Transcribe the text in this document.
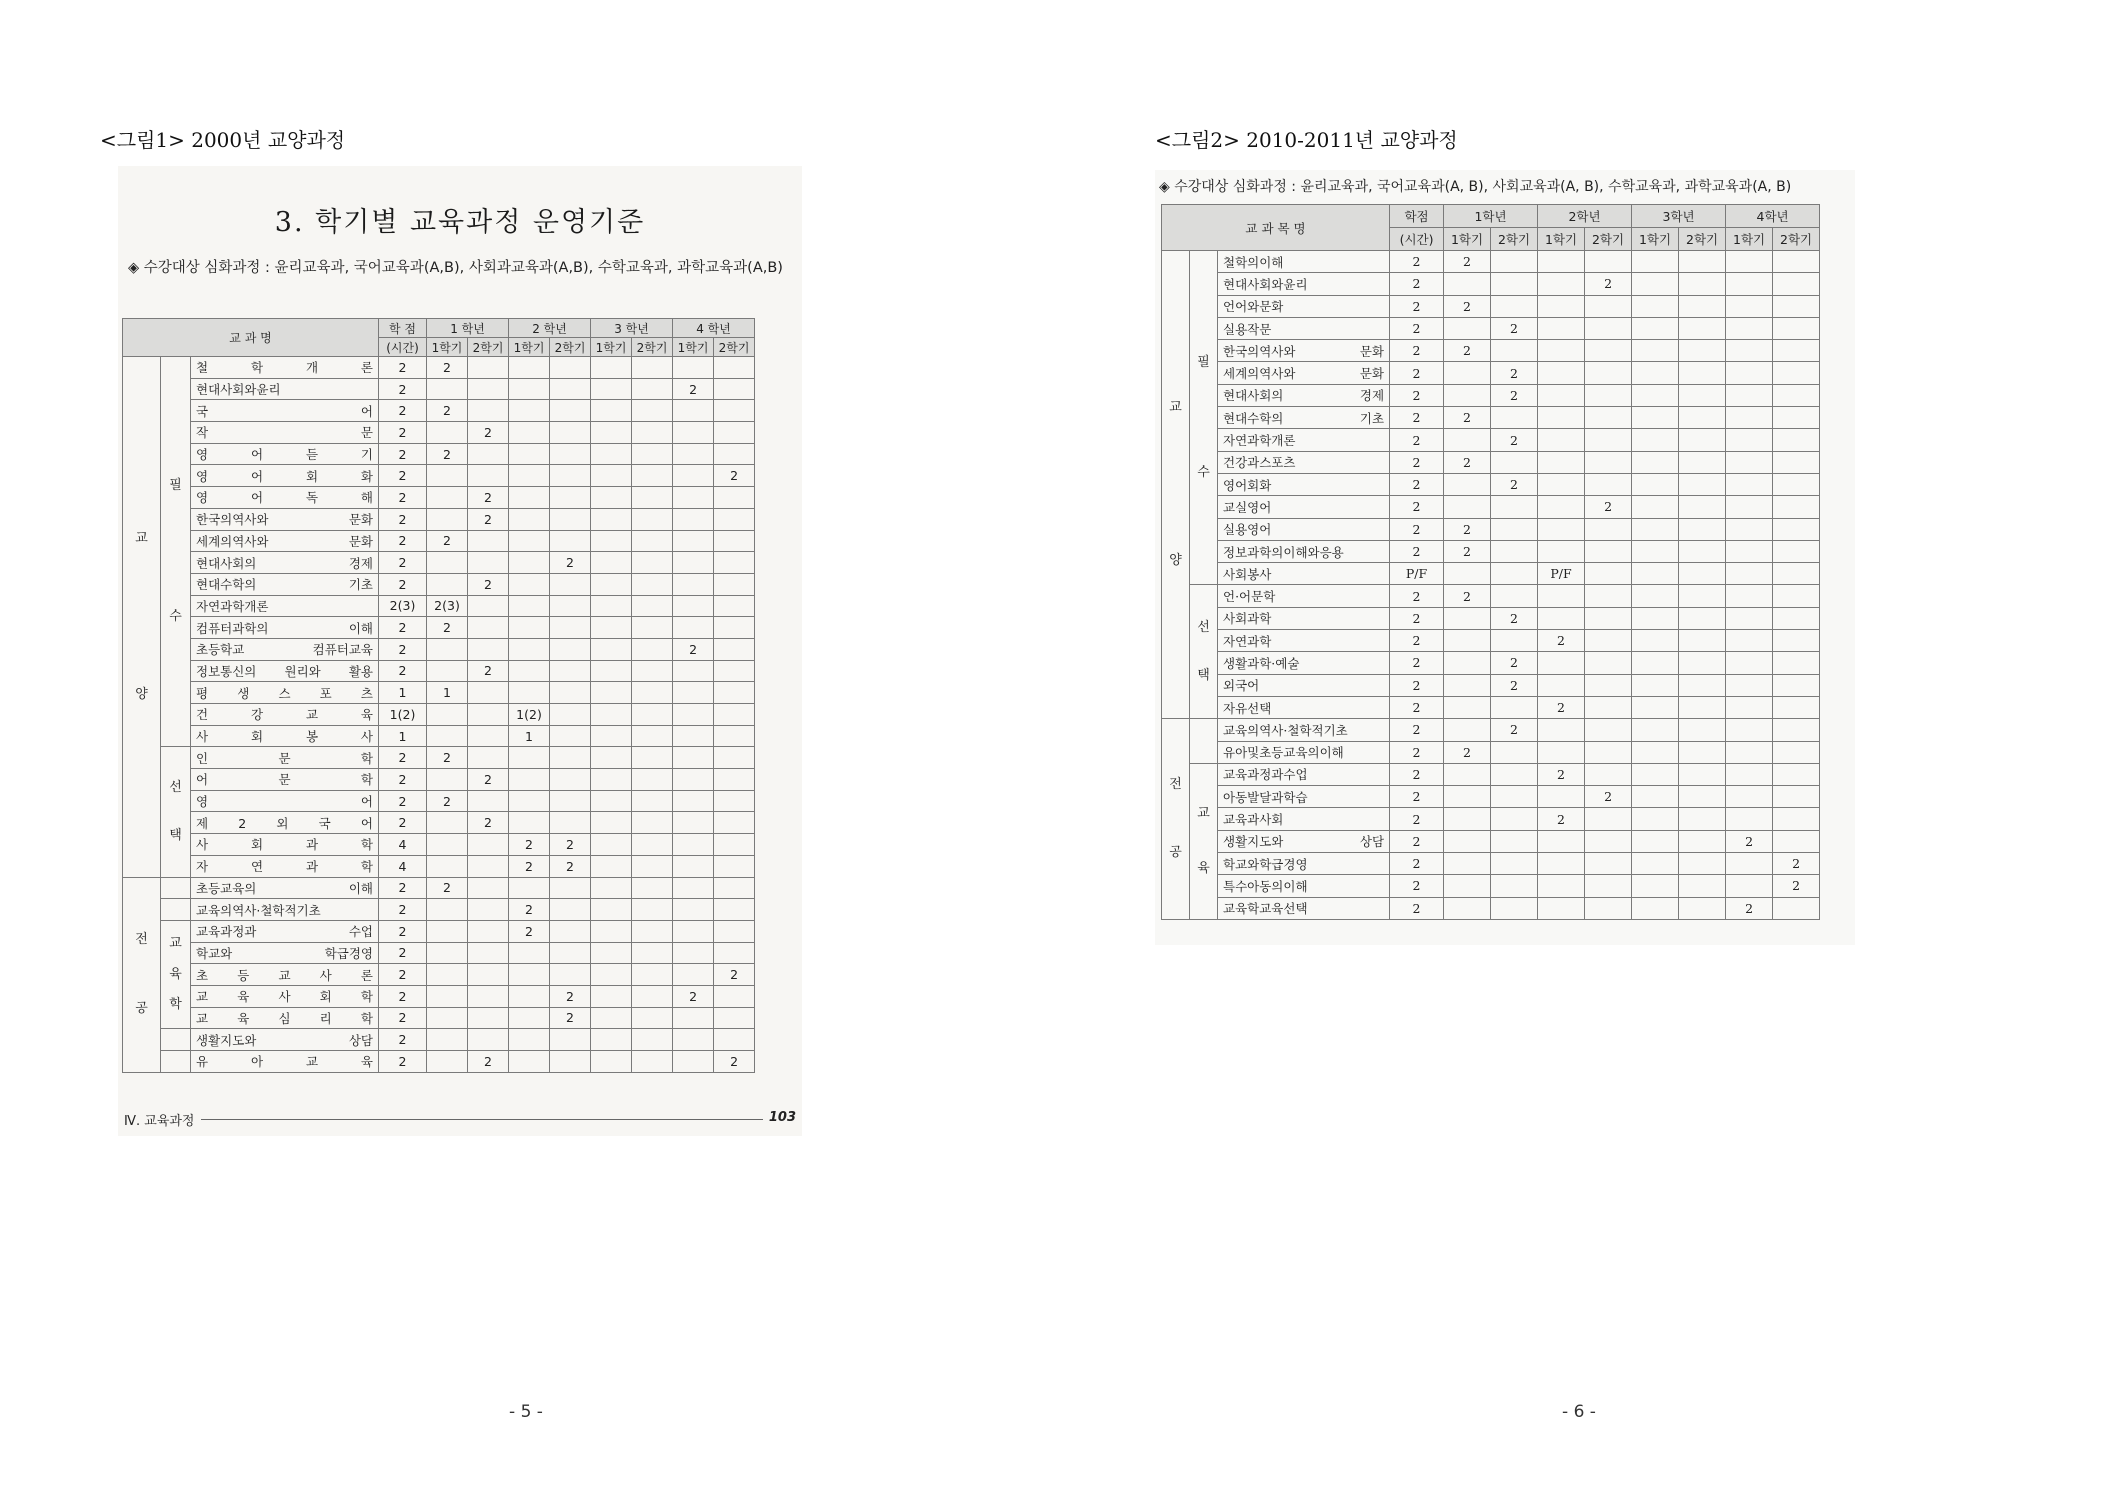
<그림1> 2000년 교양과정
3. 학기별 교육과정 운영기준
◈ 수강대상 심화과정 : 윤리교육과, 국어교육과(A,B), 사회과교육과(A,B), 수학교육과, 과학교육과(A,B)
교 과 명			학 점	1 학년		2 학년		3 학년		4 학년	
			(시간)	1학기	2학기	1학기	2학기	1학기	2학기	1학기	2학기

교
양	필
수	철 학 개 론	2	2							
		현대사회와윤리	2							2	
		국 어	2	2							
		작 문	2		2						
		영 어 듣 기	2	2							
		영 어 회 화	2								2
		영 어 독 해	2		2						
		한국의역사와 문화	2		2						
		세계의역사와 문화	2	2							
		현대사회의 경제	2				2				
		현대수학의 기초	2		2						
		자연과학개론	2(3)	2(3)							
		컴퓨터과학의 이해	2	2							
		초등학교 컴퓨터교육	2							2	
		정보통신의 원리와 활용	2		2						
		평 생 스 포 츠	1	1							
		건 강 교 육	1(2)			1(2)					
		사 회 봉 사	1			1					

	선
택	인 문 학	2	2							
		어 문 학	2		2						
		영 어	2	2							
		제 2 외 국 어	2		2						
		사 회 과 학	4			2	2				
		자 연 과 학	4			2	2				

전
공		초등교육의 이해	2	2							
		교육의역사·철학적기초	2			2					

	교
육
학	교육과정과 수업	2			2					
		학교와 학급경영	2								
		초 등 교 사 론	2								2
		교 육 사 회 학	2				2			2	
		교 육 심 리 학	2				2				
		생활지도와 상담	2								
		유 아 교 육	2		2						2
Ⅳ. 교육과정	103
- 5 -
<그림2> 2010-2011년 교양과정
◈ 수강대상 심화과정 : 윤리교육과, 국어교육과(A, B), 사회교육과(A, B), 수학교육과, 과학교육과(A, B)
교 과 목 명			학점	1학년		2학년		3학년		4학년	
			(시간)	1학기	2학기	1학기	2학기	1학기	2학기	1학기	2학기

교
양	필
수	철학의이해	2	2							
		현대사회와윤리	2				2				
		언어와문화	2	2							
		실용작문	2		2						
		한국의역사와 문화	2	2							
		세계의역사와 문화	2		2						
		현대사회의 경제	2		2						
		현대수학의 기초	2	2							
		자연과학개론	2		2						
		건강과스포츠	2	2							
		영어회화	2		2						
		교실영어	2				2				
		실용영어	2	2							
		정보과학의이해와응용	2	2							
		사회봉사	P/F			P/F					

	선
택	언·어문학	2	2							
		사회과학	2		2						
		자연과학	2			2					
		생활과학·예술	2		2						
		외국어	2		2						
		자유선택	2			2					

전
공		교육의역사·철학적기초	2		2						
		유아및초등교육의이해	2	2							

	교
육	교육과정과수업	2			2					
		아동발달과학습	2				2				
		교육과사회	2			2					
		생활지도와 상담	2							2	
		학교와학급경영	2								2
		특수아동의이해	2								2
		교육학교육선택	2							2	
- 6 -
